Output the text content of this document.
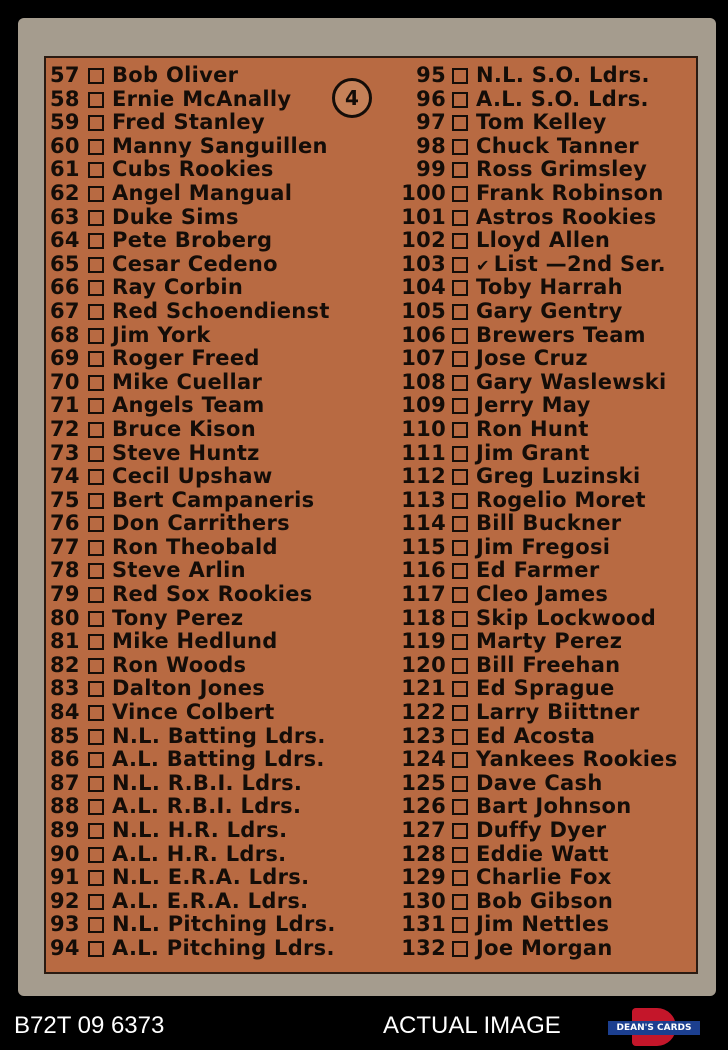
57 Bob Oliver
58 Ernie McAnally
59 Fred Stanley
60 Manny Sanguillen
61 Cubs Rookies
62 Angel Mangual
63 Duke Sims
64 Pete Broberg
65 Cesar Cedeno
66 Ray Corbin
67 Red Schoendienst
68 Jim York
69 Roger Freed
70 Mike Cuellar
71 Angels Team
72 Bruce Kison
73 Steve Huntz
74 Cecil Upshaw
75 Bert Campaneris
76 Don Carrithers
77 Ron Theobald
78 Steve Arlin
79 Red Sox Rookies
80 Tony Perez
81 Mike Hedlund
82 Ron Woods
83 Dalton Jones
84 Vince Colbert
85 N.L. Batting Ldrs.
86 A.L. Batting Ldrs.
87 N.L. R.B.I. Ldrs.
88 A.L. R.B.I. Ldrs.
89 N.L. H.R. Ldrs.
90 A.L. H.R. Ldrs.
91 N.L. E.R.A. Ldrs.
92 A.L. E.R.A. Ldrs.
93 N.L. Pitching Ldrs.
94 A.L. Pitching Ldrs.
95 N.L. S.O. Ldrs.
96 A.L. S.O. Ldrs.
97 Tom Kelley
98 Chuck Tanner
99 Ross Grimsley
100 Frank Robinson
101 Astros Rookies
102 Lloyd Allen
103 ✔ List —2nd Ser.
104 Toby Harrah
105 Gary Gentry
106 Brewers Team
107 Jose Cruz
108 Gary Waslewski
109 Jerry May
110 Ron Hunt
111 Jim Grant
112 Greg Luzinski
113 Rogelio Moret
114 Bill Buckner
115 Jim Fregosi
116 Ed Farmer
117 Cleo James
118 Skip Lockwood
119 Marty Perez
120 Bill Freehan
121 Ed Sprague
122 Larry Biittner
123 Ed Acosta
124 Yankees Rookies
125 Dave Cash
126 Bart Johnson
127 Duffy Dyer
128 Eddie Watt
129 Charlie Fox
130 Bob Gibson
131 Jim Nettles
132 Joe Morgan
4
B72T 09 6373	ACTUAL IMAGE	DEAN'S CARDS
